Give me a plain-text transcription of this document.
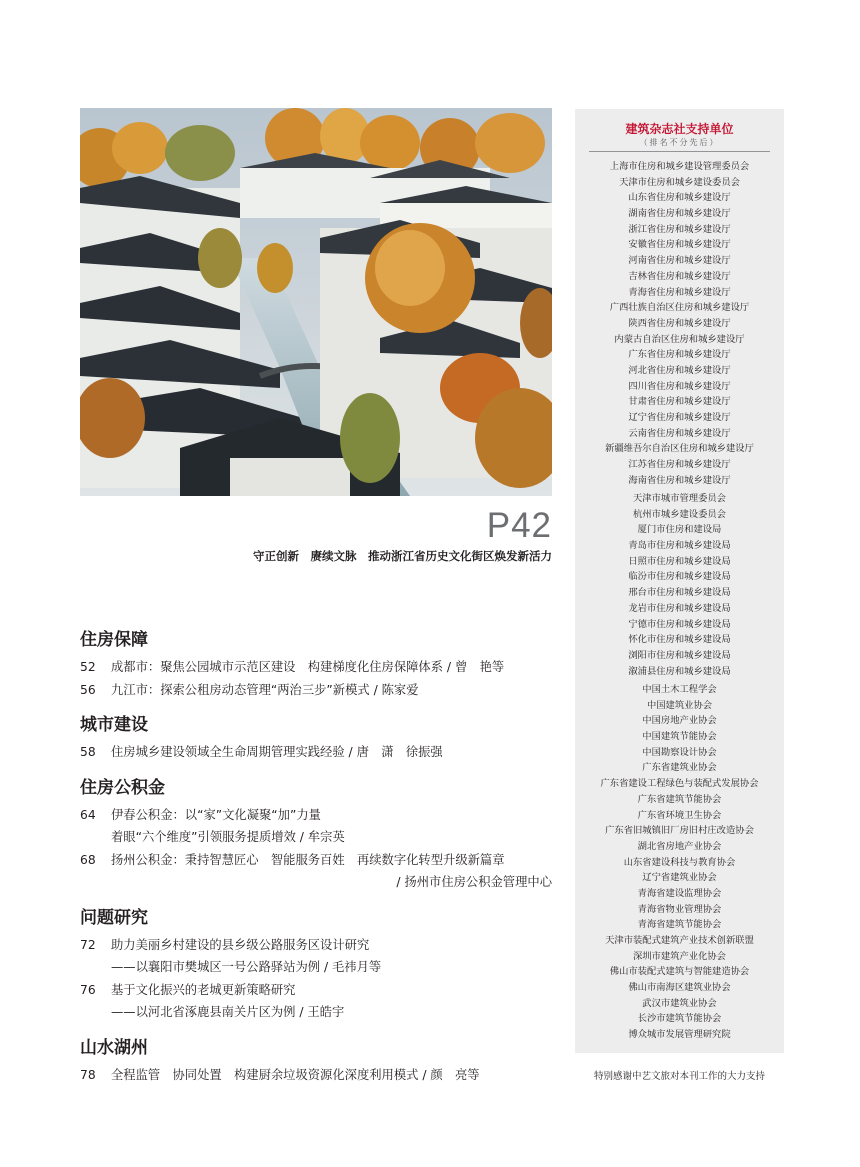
P42
守正创新　赓续文脉　推动浙江省历史文化街区焕发新活力
住房保障
52 成都市：聚焦公园城市示范区建设　构建梯度化住房保障体系 / 曾　艳等
56 九江市：探索公租房动态管理“两治三步”新模式 / 陈家爱
城市建设
58 住房城乡建设领域全生命周期管理实践经验 / 唐　潇　徐振强
住房公积金
64 伊春公积金：以“家”文化凝聚“加”力量
着眼“六个维度”引领服务提质增效 / 牟宗英
68 扬州公积金：秉持智慧匠心　智能服务百姓　再续数字化转型升级新篇章
/ 扬州市住房公积金管理中心
问题研究
72 助力美丽乡村建设的县乡级公路服务区设计研究
——以襄阳市樊城区一号公路驿站为例 / 毛祎月等
76 基于文化振兴的老城更新策略研究
——以河北省涿鹿县南关片区为例 / 王皓宇
山水湖州
78 全程监管　协同处置　构建厨余垃圾资源化深度利用模式 / 颜　亮等
建筑杂志社支持单位
（排名不分先后）
上海市住房和城乡建设管理委员会
天津市住房和城乡建设委员会
山东省住房和城乡建设厅
湖南省住房和城乡建设厅
浙江省住房和城乡建设厅
安徽省住房和城乡建设厅
河南省住房和城乡建设厅
吉林省住房和城乡建设厅
青海省住房和城乡建设厅
广西壮族自治区住房和城乡建设厅
陕西省住房和城乡建设厅
内蒙古自治区住房和城乡建设厅
广东省住房和城乡建设厅
河北省住房和城乡建设厅
四川省住房和城乡建设厅
甘肃省住房和城乡建设厅
辽宁省住房和城乡建设厅
云南省住房和城乡建设厅
新疆维吾尔自治区住房和城乡建设厅
江苏省住房和城乡建设厅
海南省住房和城乡建设厅
天津市城市管理委员会
杭州市城乡建设委员会
厦门市住房和建设局
青岛市住房和城乡建设局
日照市住房和城乡建设局
临汾市住房和城乡建设局
邢台市住房和城乡建设局
龙岩市住房和城乡建设局
宁德市住房和城乡建设局
怀化市住房和城乡建设局
浏阳市住房和城乡建设局
溆浦县住房和城乡建设局
中国土木工程学会
中国建筑业协会
中国房地产业协会
中国建筑节能协会
中国勘察设计协会
广东省建筑业协会
广东省建设工程绿色与装配式发展协会
广东省建筑节能协会
广东省环境卫生协会
广东省旧城镇旧厂房旧村庄改造协会
湖北省房地产业协会
山东省建设科技与教育协会
辽宁省建筑业协会
青海省建设监理协会
青海省物业管理协会
青海省建筑节能协会
天津市装配式建筑产业技术创新联盟
深圳市建筑产业化协会
佛山市装配式建筑与智能建造协会
佛山市南海区建筑业协会
武汉市建筑业协会
长沙市建筑节能协会
博众城市发展管理研究院
特别感谢中艺文旅对本刊工作的大力支持
